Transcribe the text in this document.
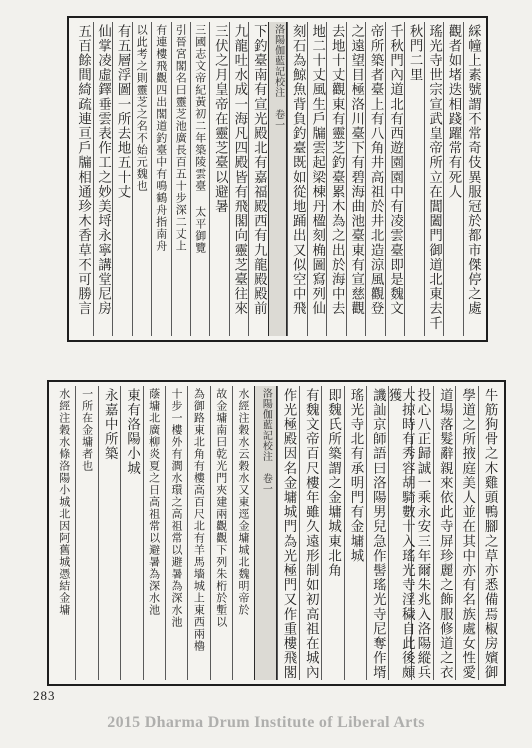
綵幢上素號謂不常奇伎異服冠於都市傑停之處
觀者如堵迭相踐躍常有死人
瑤光寺世宗宣武皇帝所立在閶闔門御道北東去千
秋門二里
千秋門內道北有西遊園園中有凌雲臺即是魏文
帝所築者臺上有八角井高祖於井北造涼風觀登
之遠望目極洛川臺下有碧海曲池臺東有宣慈觀
去地十丈觀東有靈芝釣臺累木為之出於海中去
地二十丈風生戶牖雲起梁棟丹楹刻桷圖寫列仙
刻石為鯨魚背負釣臺既如從地踊出又似空中飛
洛陽伽藍記校注 卷一
下釣臺南有宣光殿北有嘉福殿西有九龍殿殿前
九龍吐水成一海凡四殿皆有飛閣向靈芝臺往來
三伏之月皇帝在靈芝臺以避暑
三國志文帝紀黃初二年築陵雲臺 太平御覽
引晉宮閣名曰靈芝池廣長百五十步深二丈上
有連樓飛觀四出閣道釣臺中有鳴鶴舟指南舟
以此考之則靈芝之名不始元魏也
有五層浮圖一所去地五十丈
仙掌凌虛鐸垂雲表作工之妙美埒永寧講堂尼房
五百餘間綺疏連亘戶牖相通珍木香草不可勝言
牛筋狗骨之木雞頭鴨腳之草亦悉備焉椒房嬪御
學道之所掖庭美人並在其中亦有名族處女性愛
道場落髮辭親來依此寺屏珍麗之飾服修道之衣
投心八正歸誠一乘永安三年爾朱兆入洛陽縱兵
大掠時有秀容胡騎數十入瑤光寺淫穢自此後頗獲
譏訕京師語曰洛陽男兒急作髻瑤光寺尼奪作壻
瑤光寺北有承明門有金墉城
即魏氏所築謂之金墉城東北角
有魏文帝百尺樓年雖久遠形制如初高祖在城內
作光極殿因名金墉城門為光極門又作重樓飛閣
洛陽伽藍記校注 卷一
水經注穀水云穀水又東逕金墉城北魏明帝於
故金墉南曰乾光門夾建兩觀觀下列朱桁於塹以
為御路東北角有樓高百尺北有羊馬墻城上東西兩櫓
十步一樓外有澗水環之高祖常以避暑為深水池
蔭墉北廣柳炎夏之日高祖常以避暑為深水池
東有洛陽小城
永嘉中所築
一所在金墉者也
水經注穀水條洛陽小城北因阿舊城憑結金墉
283
2015 Dharma Drum Institute of Liberal Arts
